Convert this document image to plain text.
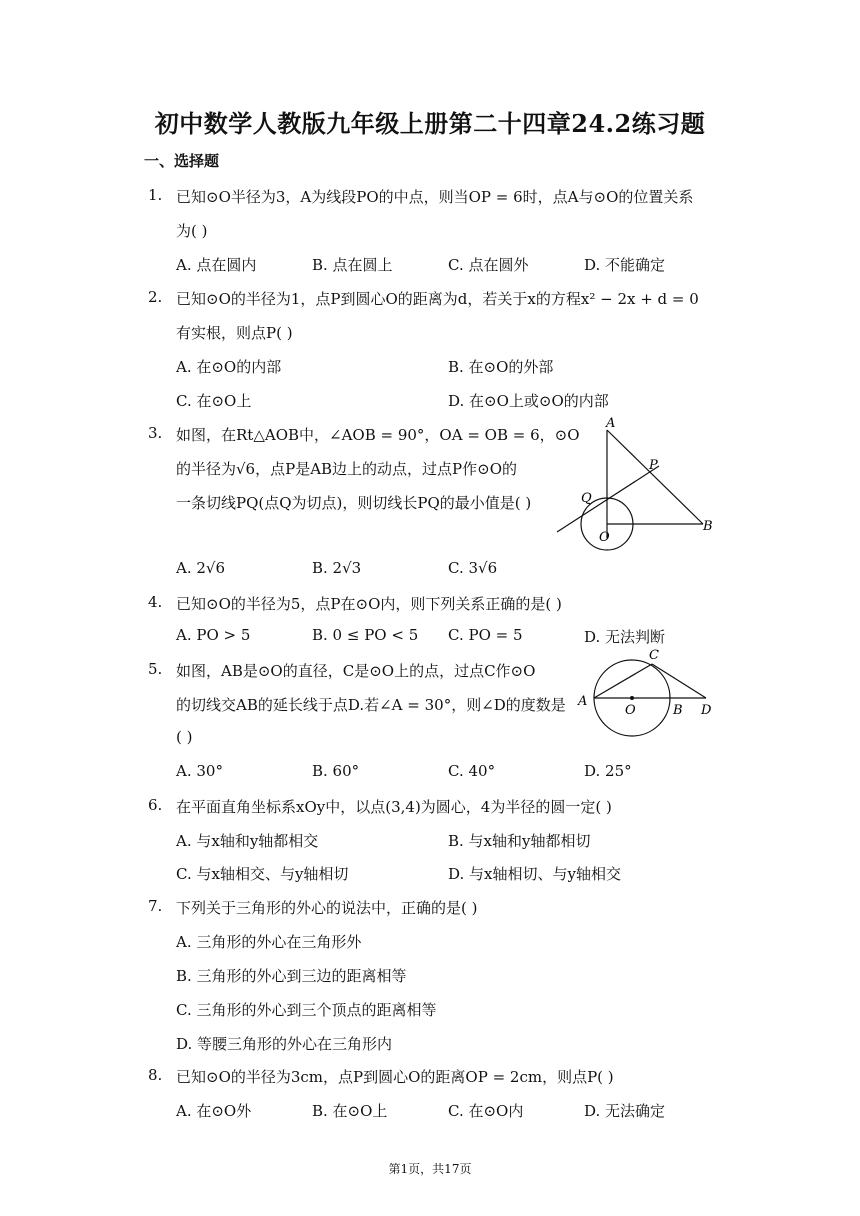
初中数学人教版九年级上册第二十四章24.2练习题
一、选择题
1. 已知⊙O半径为3，A为线段PO的中点，则当OP = 6时，点A与⊙O的位置关系
为( )
A. 点在圆内	B. 点在圆上	C. 点在圆外	D. 不能确定
2. 已知⊙O的半径为1，点P到圆心O的距离为d，若关于x的方程x² − 2x + d = 0
有实根，则点P( )
A. 在⊙O的内部	B. 在⊙O的外部
C. 在⊙O上	D. 在⊙O上或⊙O的内部
3. 如图，在Rt△AOB中，∠AOB = 90°，OA = OB = 6，⊙O
的半径为√6，点P是AB边上的动点，过点P作⊙O的
一条切线PQ(点Q为切点)，则切线长PQ的最小值是( )
A
P
Q
O
B
A. 2√6	B. 2√3	C. 3√6
4. 已知⊙O的半径为5，点P在⊙O内，则下列关系正确的是( )
A. PO > 5	B. 0 ≤ PO < 5 C. PO = 5	D. 无法判断
5. 如图，AB是⊙O的直径，C是⊙O上的点，过点C作⊙O
的切线交AB的延长线于点D.若∠A = 30°，则∠D的度数是
( )
C
A
O	B D
A. 30°	B. 60°	C. 40°	D. 25°
6. 在平面直角坐标系xOy中，以点(3,4)为圆心，4为半径的圆一定( )
A. 与x轴和y轴都相交	B. 与x轴和y轴都相切
C. 与x轴相交、与y轴相切	D. 与x轴相切、与y轴相交
7. 下列关于三角形的外心的说法中，正确的是( )
A. 三角形的外心在三角形外
B. 三角形的外心到三边的距离相等
C. 三角形的外心到三个顶点的距离相等
D. 等腰三角形的外心在三角形内
8. 已知⊙O的半径为3cm，点P到圆心O的距离OP = 2cm，则点P( )
A. 在⊙O外	B. 在⊙O上	C. 在⊙O内	D. 无法确定
第1页，共17页
